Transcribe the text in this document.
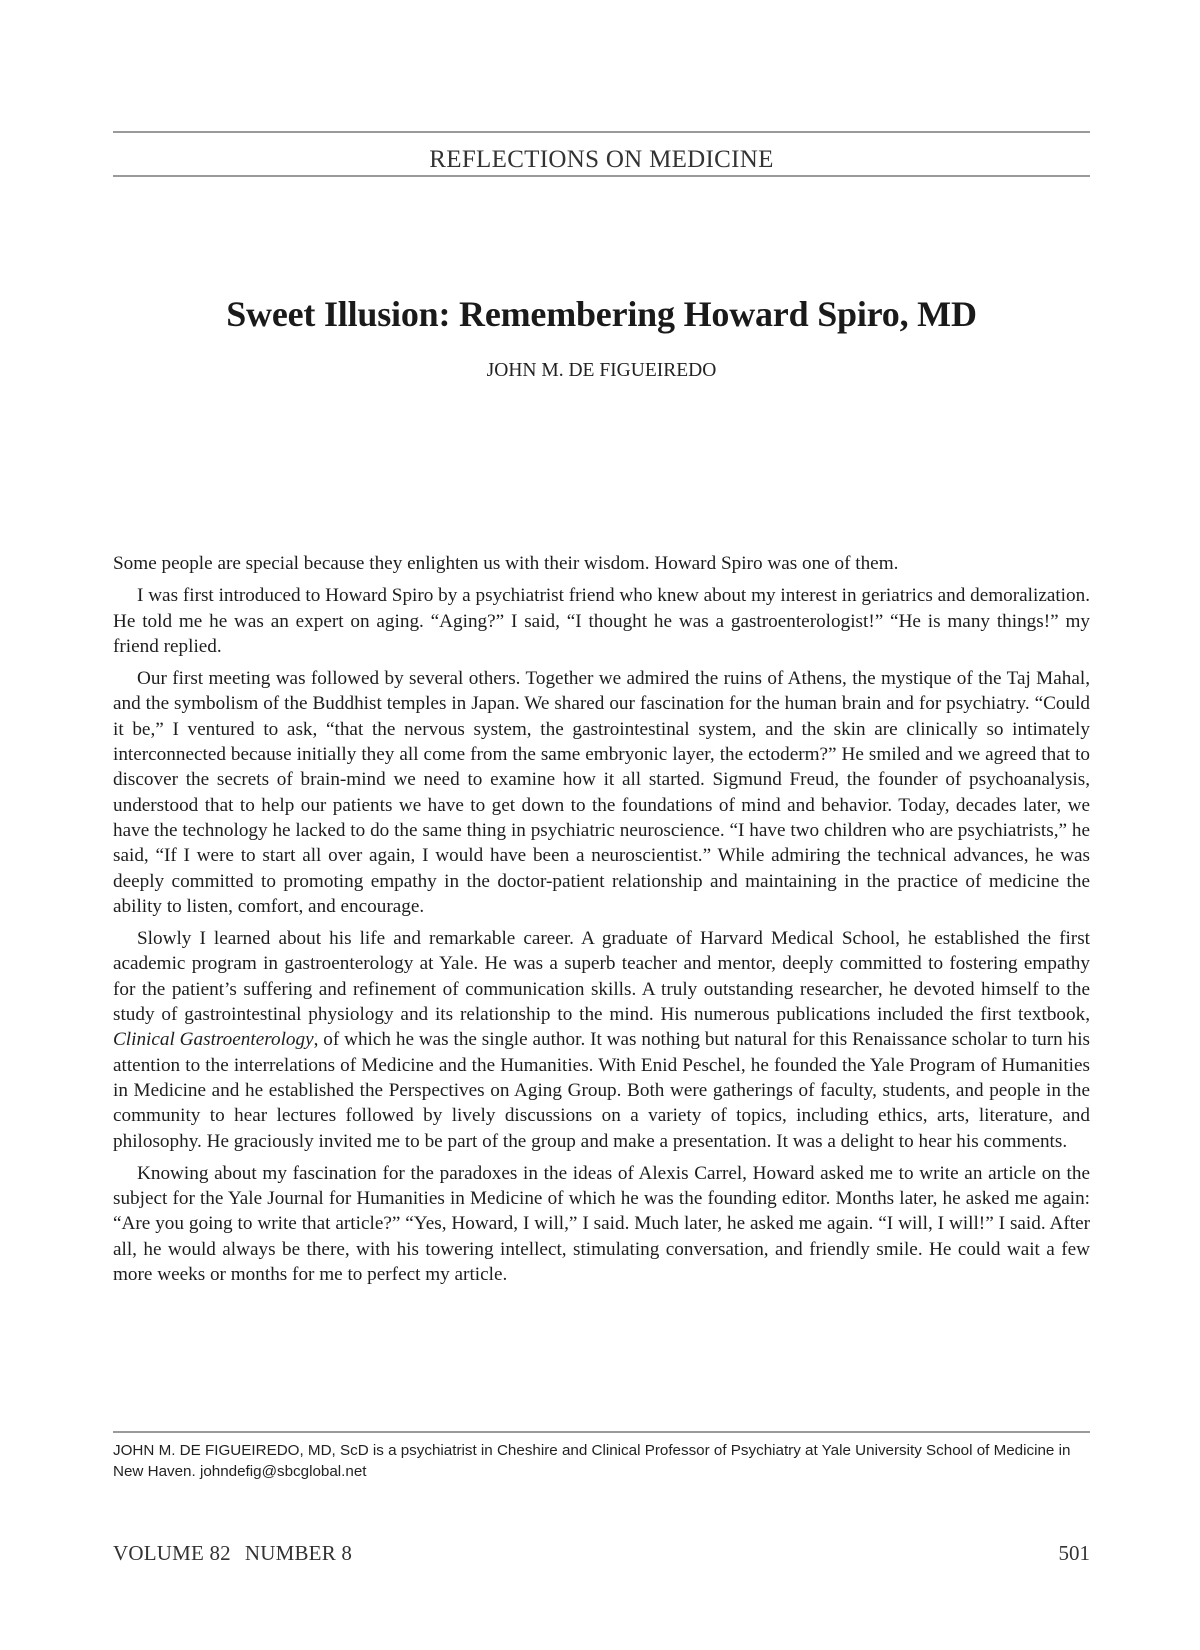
REFLECTIONS ON MEDICINE
Sweet Illusion: Remembering Howard Spiro, MD
JOHN M. DE FIGUEIREDO

Some people are special because they enlighten us with their wisdom. Howard Spiro was one of them.

I was first introduced to Howard Spiro by a psychiatrist friend who knew about my interest in geriatrics and demoralization. He told me he was an expert on aging. “Aging?” I said, “I thought he was a gastroenterologist!” “He is many things!” my friend replied.

Our first meeting was followed by several others. Together we admired the ruins of Athens, the mystique of the Taj Mahal, and the symbolism of the Buddhist temples in Japan. We shared our fascination for the human brain and for psychiatry. “Could it be,” I ventured to ask, “that the nervous system, the gastrointestinal system, and the skin are clinically so intimately interconnected because initially they all come from the same embryonic layer, the ectoderm?” He smiled and we agreed that to discover the secrets of brain-mind we need to examine how it all started. Sigmund Freud, the founder of psychoanalysis, understood that to help our patients we have to get down to the foundations of mind and behavior. Today, decades later, we have the technology he lacked to do the same thing in psychiatric neuroscience. “I have two children who are psychiatrists,” he said, “If I were to start all over again, I would have been a neuroscientist.” While admiring the technical advances, he was deeply committed to promoting empathy in the doctor-patient relationship and maintaining in the practice of medicine the ability to listen, comfort, and encourage.

Slowly I learned about his life and remarkable career. A graduate of Harvard Medical School, he established the first academic program in gastroenterology at Yale. He was a superb teacher and mentor, deeply committed to fostering empathy for the patient’s suffering and refinement of communication skills. A truly outstanding researcher, he devoted himself to the study of gastrointestinal physiology and its relationship to the mind. His numerous publications included the first textbook, Clinical Gastroenterology, of which he was the single author. It was nothing but natural for this Renaissance scholar to turn his attention to the interrelations of Medicine and the Humanities. With Enid Peschel, he founded the Yale Program of Humanities in Medicine and he established the Perspectives on Aging Group. Both were gatherings of faculty, students, and people in the community to hear lectures followed by lively discussions on a variety of topics, including ethics, arts, literature, and philosophy. He graciously invited me to be part of the group and make a presentation. It was a delight to hear his comments.

Knowing about my fascination for the paradoxes in the ideas of Alexis Carrel, Howard asked me to write an article on the subject for the Yale Journal for Humanities in Medicine of which he was the founding editor. Months later, he asked me again: “Are you going to write that article?” “Yes, Howard, I will,” I said. Much later, he asked me again. “I will, I will!” I said. After all, he would always be there, with his towering intellect, stimulating conversation, and friendly smile. He could wait a few more weeks or months for me to perfect my article.

JOHN M. DE FIGUEIREDO, MD, ScD is a psychiatrist in Cheshire and Clinical Professor of Psychiatry at Yale University School of Medicine in New Haven. johndefig@sbcglobal.net
VOLUME 82 NUMBER 8	501
